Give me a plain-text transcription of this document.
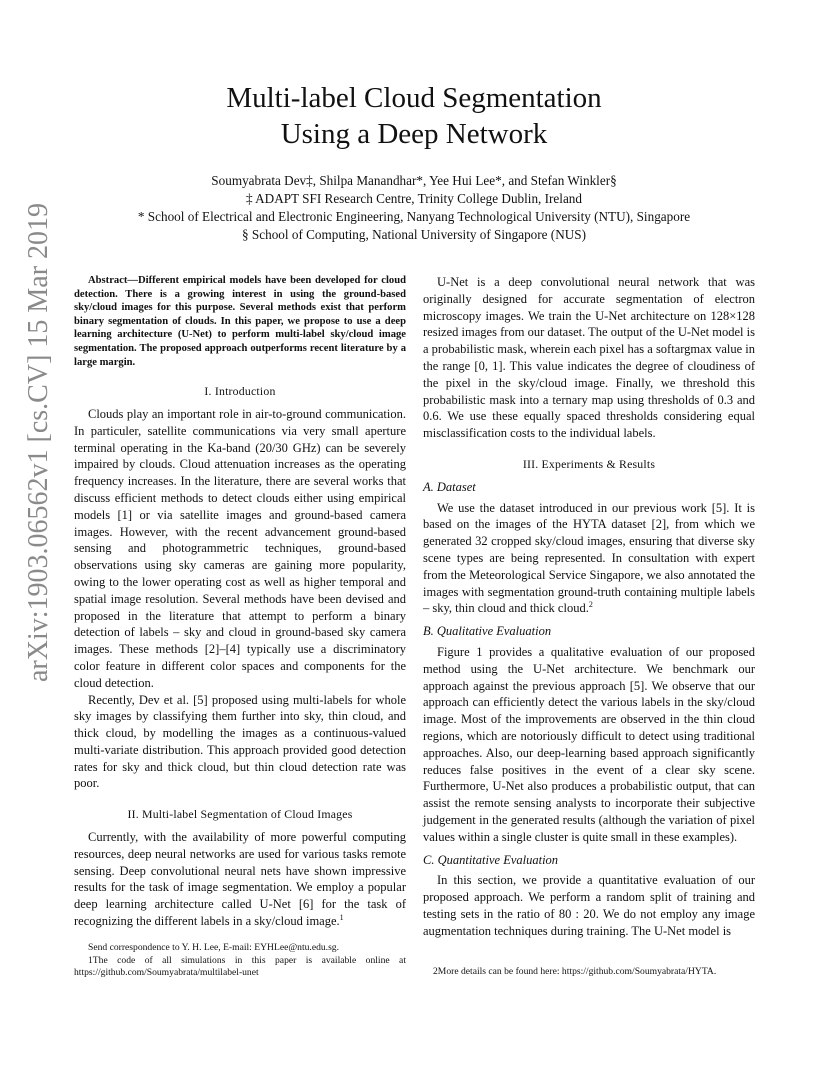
Multi-label Cloud Segmentation
Using a Deep Network
Soumyabrata Dev‡, Shilpa Manandhar*, Yee Hui Lee*, and Stefan Winkler§
‡ ADAPT SFI Research Centre, Trinity College Dublin, Ireland
* School of Electrical and Electronic Engineering, Nanyang Technological University (NTU), Singapore
§ School of Computing, National University of Singapore (NUS)
arXiv:1903.06562v1 [cs.CV] 15 Mar 2019	Abstract—Different empirical models have been developed for cloud detection. There is a growing interest in using the ground-based sky/cloud images for this purpose. Several methods exist that perform binary segmentation of clouds. In this paper, we propose to use a deep learning architecture (U-Net) to perform multi-label sky/cloud image segmentation. The proposed approach outperforms recent literature by a large margin.

I. Introduction

Clouds play an important role in air-to-ground communication. In particuler, satellite communications via very small aperture terminal operating in the Ka-band (20/30 GHz) can be severely impaired by clouds. Cloud attenuation increases as the operating frequency increases. In the literature, there are several works that discuss efficient methods to detect clouds either using empirical models [1] or via satellite images and ground-based camera images. However, with the recent advancement ground-based sensing and photogrammetric techniques, ground-based observations using sky cameras are gaining more popularity, owing to the lower operating cost as well as higher temporal and spatial image resolution. Several methods have been devised and proposed in the literature that attempt to perform a binary detection of labels – sky and cloud in ground-based sky camera images. These methods [2]–[4] typically use a discriminatory color feature in different color spaces and components for the cloud detection.

Recently, Dev et al. [5] proposed using multi-labels for whole sky images by classifying them further into sky, thin cloud, and thick cloud, by modelling the images as a continuous-valued multi-variate distribution. This approach provided good detection rates for sky and thick cloud, but thin cloud detection rate was poor.

II. Multi-label Segmentation of Cloud Images

Currently, with the availability of more powerful computing resources, deep neural networks are used for various tasks remote sensing. Deep convolutional neural nets have shown impressive results for the task of image segmentation. We employ a popular deep learning architecture called U-Net [6] for the task of recognizing the different labels in a sky/cloud image.$^1$

Send correspondence to Y. H. Lee, E-mail: EYHLee@ntu.edu.sg.

1The code of all simulations in this paper is available online at https://github.com/Soumyabrata/multilabel-unet

U-Net is a deep convolutional neural network that was originally designed for accurate segmentation of electron microscopy images. We train the U-Net architecture on 128×128 resized images from our dataset. The output of the U-Net model is a probabilistic mask, wherein each pixel has a softargmax value in the range [0, 1]. This value indicates the degree of cloudiness of the pixel in the sky/cloud image. Finally, we threshold this probabilistic mask into a ternary map using thresholds of 0.3 and 0.6. We use these equally spaced thresholds considering equal misclassification costs to the individual labels.

III. Experiments & Results
A. Dataset

We use the dataset introduced in our previous work [5]. It is based on the images of the HYTA dataset [2], from which we generated 32 cropped sky/cloud images, ensuring that diverse sky scene types are being represented. In consultation with expert from the Meteorological Service Singapore, we also annotated the images with segmentation ground-truth containing multiple labels – sky, thin cloud and thick cloud.$^2$

B. Qualitative Evaluation

Figure 1 provides a qualitative evaluation of our proposed method using the U-Net architecture. We benchmark our approach against the previous approach [5]. We observe that our approach can efficiently detect the various labels in the sky/cloud image. Most of the improvements are observed in the thin cloud regions, which are notoriously difficult to detect using traditional approaches. Also, our deep-learning based approach significantly reduces false positives in the event of a clear sky scene. Furthermore, U-Net also produces a probabilistic output, that can assist the remote sensing analysts to incorporate their subjective judgement in the generated results (although the variation of pixel values within a single cluster is quite small in these examples).

C. Quantitative Evaluation

In this section, we provide a quantitative evaluation of our proposed approach. We perform a random split of training and testing sets in the ratio of 80 : 20. We do not employ any image augmentation techniques during training. The U-Net model is

2More details can be found here: https://github.com/Soumyabrata/HYTA.
